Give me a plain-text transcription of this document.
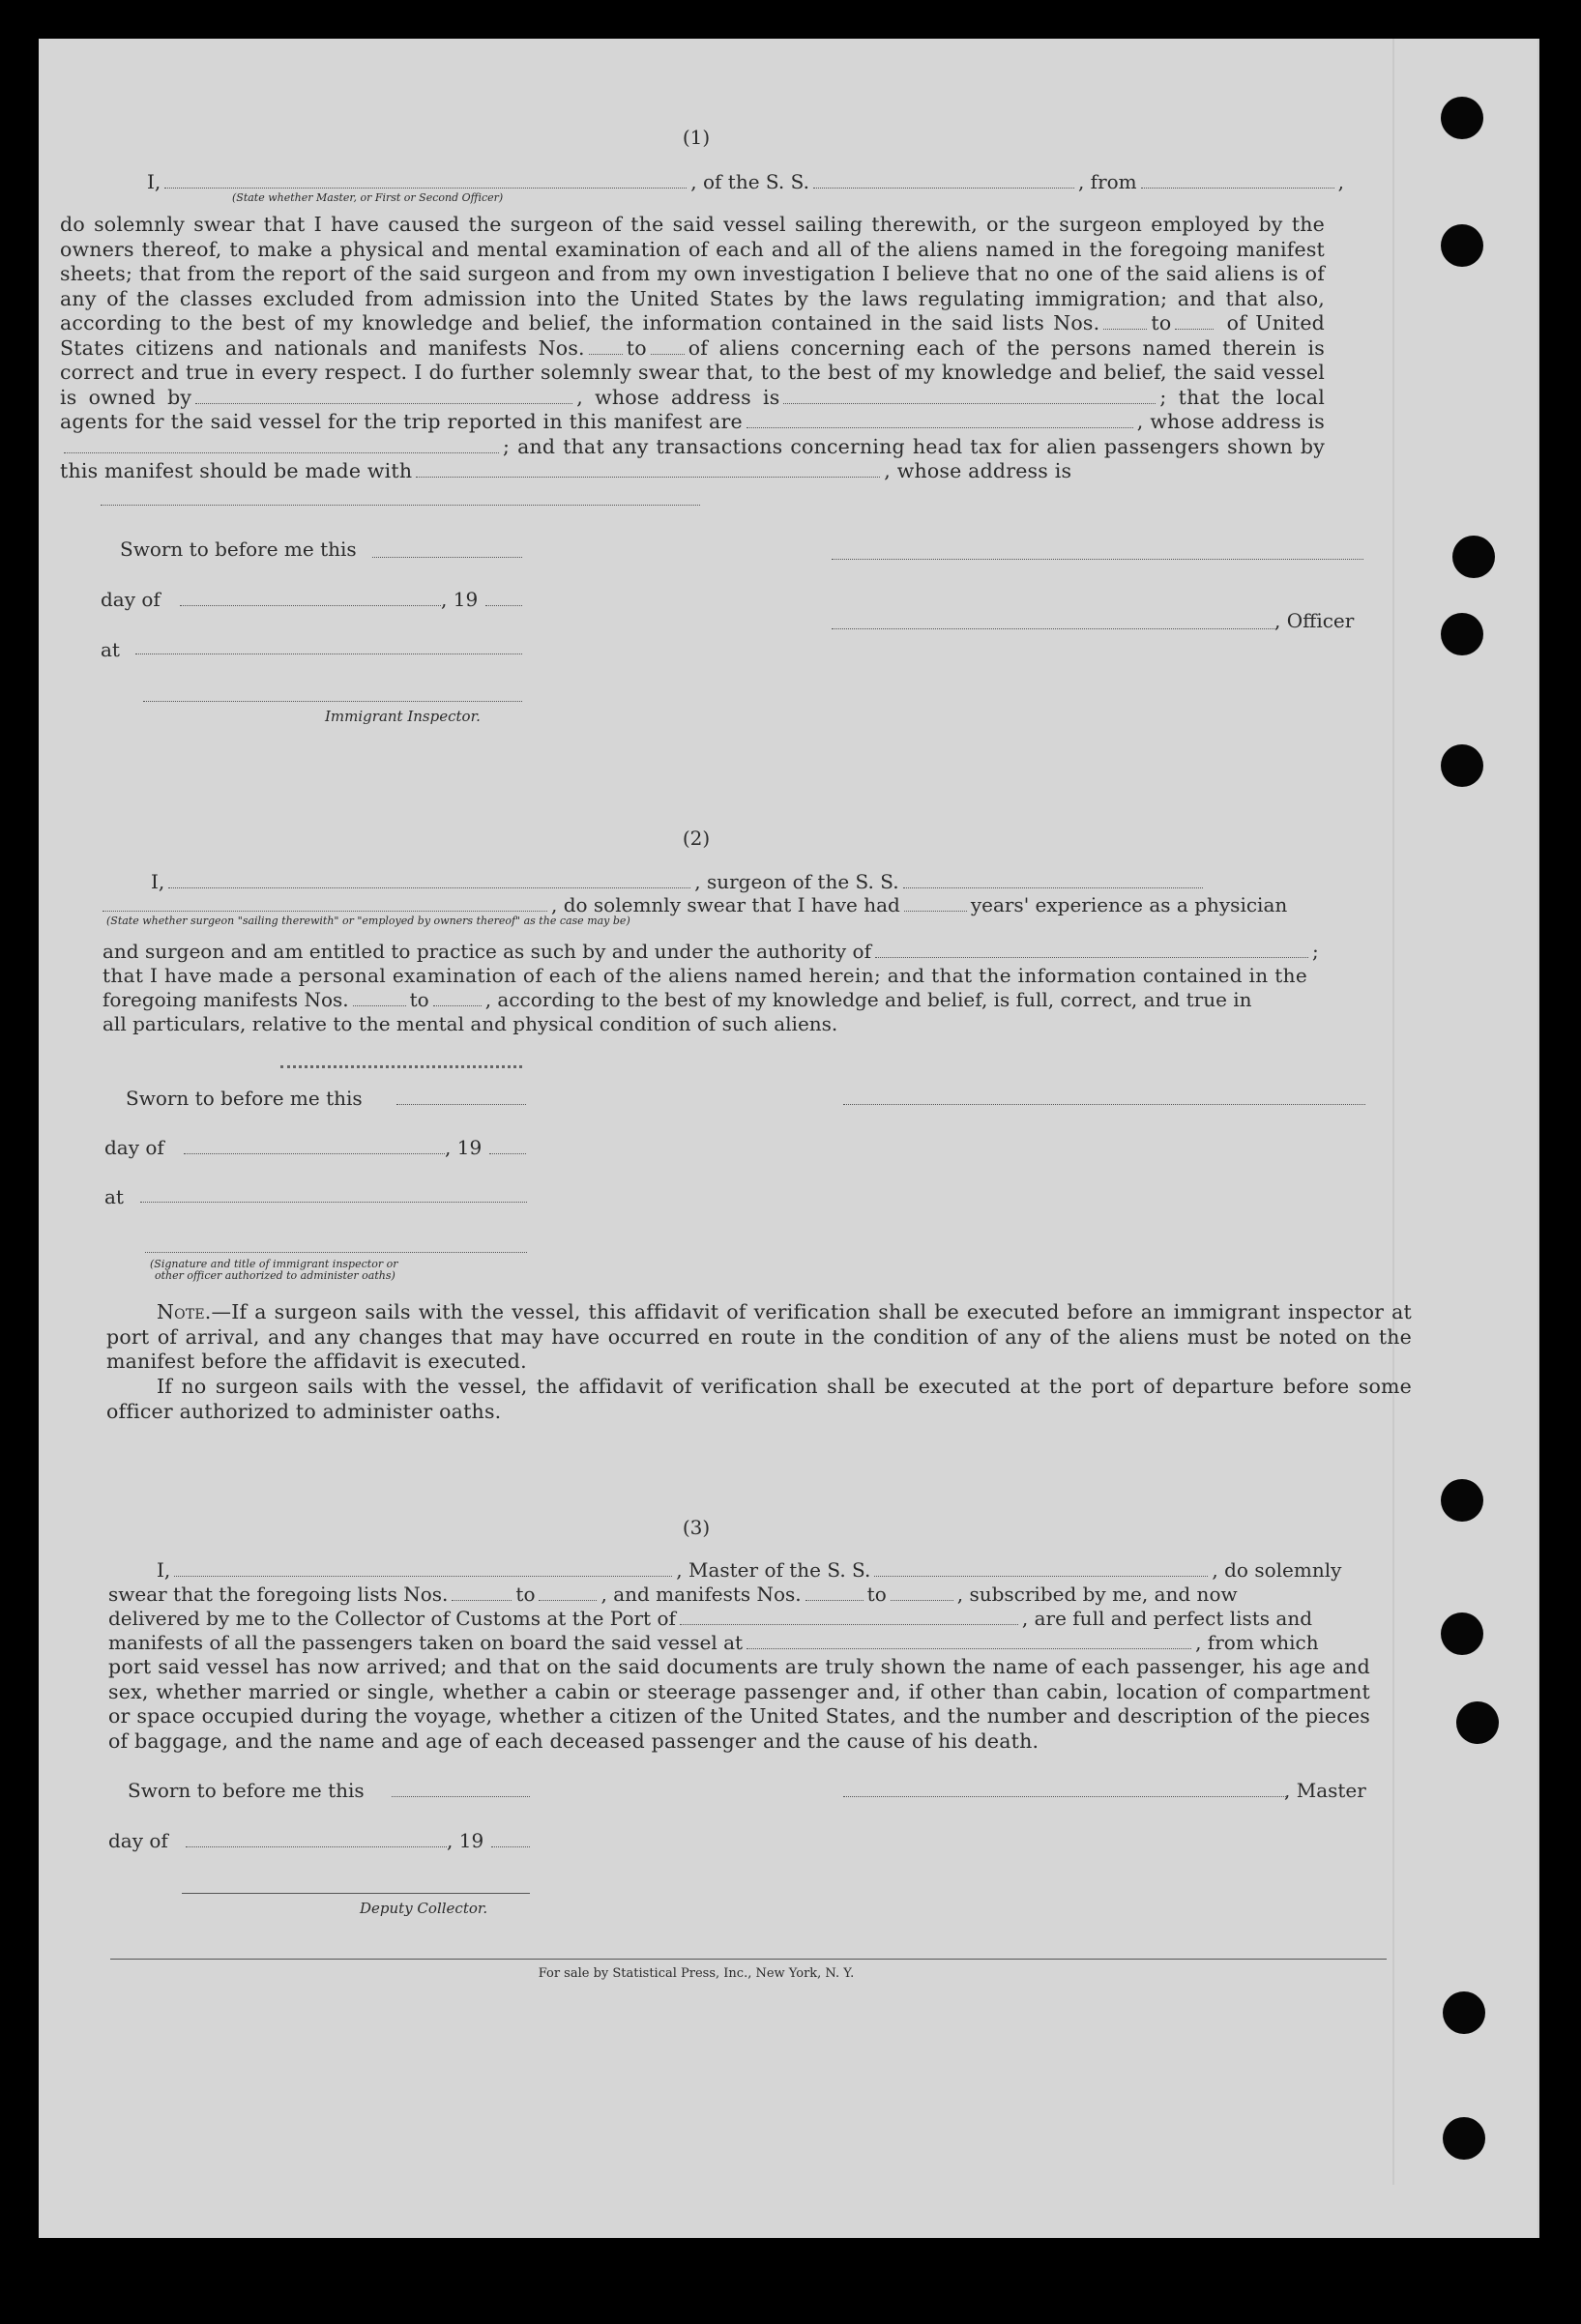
(1)
I,	, of the S. S.	, from	,
(State whether Master, or First or Second Officer)
do solemnly swear that I have caused the surgeon of the said vessel sailing therewith, or the surgeon employed by the owners thereof, to make a physical and mental examination of each and all of the aliens named in the foregoing manifest sheets; that from the report of the said surgeon and from my own investigation I believe that no one of the said aliens is of any of the classes excluded from admission into the United States by the laws regulating immigration; and that also, according to the best of my knowledge and belief, the information contained in the said lists Nos.	to	of United States citizens and nationals and manifests Nos. to of aliens concerning each of the persons named therein is correct and true in every respect. I do further solemnly swear that, to the best of my knowledge and belief, the said vessel is owned by	, whose address is	; that the local agents for the said vessel for the trip reported in this manifest are	, whose address is; and that any transactions concerning head tax for alien passengers shown by this manifest should be made with	, whose address is
Sworn to before me this
day of	, 19
, Officer
at
Immigrant Inspector.
(2)
I,	, surgeon of the S. S.
, do solemnly swear that I have had	years' experience as a physician
(State whether surgeon "sailing therewith" or "employed by owners thereof" as the case may be)
and surgeon and am entitled to practice as such by and under the authority of	;
that I have made a personal examination of each of the aliens named herein; and that the information contained in the
foregoing manifests Nos.	to	, according to the best of my knowledge and belief, is full, correct, and true in
all particulars, relative to the mental and physical condition of such aliens.
Sworn to before me this
day of	, 19
at
(Signature and title of immigrant inspector or
other officer authorized to administer oaths)
Note.—If a surgeon sails with the vessel, this affidavit of verification shall be executed before an immigrant inspector at port of arrival, and any changes that may have occurred en route in the condition of any of the aliens must be noted on the manifest before the affidavit is executed.
If no surgeon sails with the vessel, the affidavit of verification shall be executed at the port of departure before some officer authorized to administer oaths.
(3)
I,	, Master of the S. S.	, do solemnly
swear that the foregoing lists Nos.	to	, and manifests Nos.	to	, subscribed by me, and now
delivered by me to the Collector of Customs at the Port of	, are full and perfect lists and
manifests of all the passengers taken on board the said vessel at	, from which
port said vessel has now arrived; and that on the said documents are truly shown the name of each passenger, his age and sex, whether married or single, whether a cabin or steerage passenger and, if other than cabin, location of compartment or space occupied during the voyage, whether a citizen of the United States, and the number and description of the pieces of baggage, and the name and age of each deceased passenger and the cause of his death.
Sworn to before me this	, Master
day of	, 19
Deputy Collector.
For sale by Statistical Press, Inc., New York, N. Y.
